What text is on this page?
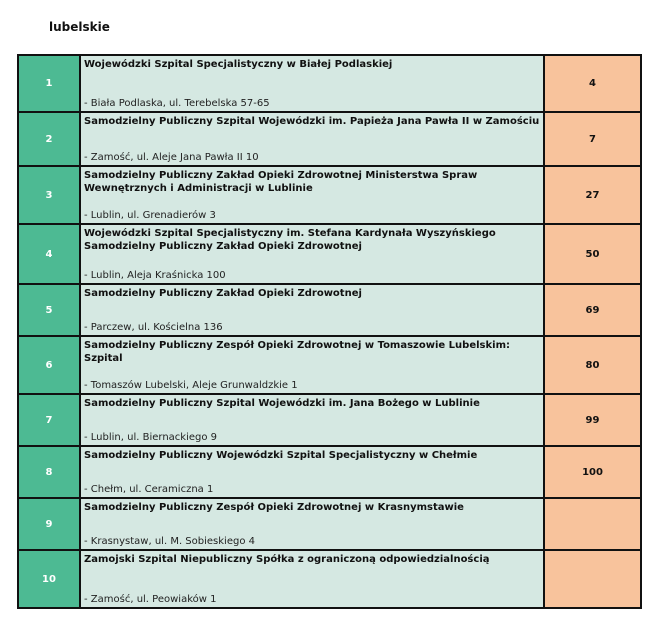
lubelskie
1	Wojewódzki Szpital Specjalistyczny w Białej Podlaskiej
- Biała Podlaska, ul. Terebelska 57-65	4
2	Samodzielny Publiczny Szpital Wojewódzki im. Papieża Jana Pawła II w Zamościu
- Zamość, ul. Aleje Jana Pawła II 10	7
3	Samodzielny Publiczny Zakład Opieki Zdrowotnej Ministerstwa Spraw Wewnętrznych i Administracji w Lublinie
- Lublin, ul. Grenadierów 3	27
4	Wojewódzki Szpital Specjalistyczny im. Stefana Kardynała Wyszyńskiego Samodzielny Publiczny Zakład Opieki Zdrowotnej
- Lublin, Aleja Kraśnicka 100	50
5	Samodzielny Publiczny Zakład Opieki Zdrowotnej
- Parczew, ul. Kościelna 136	69
6	Samodzielny Publiczny Zespół Opieki Zdrowotnej w Tomaszowie Lubelskim: Szpital
- Tomaszów Lubelski, Aleje Grunwaldzkie 1	80
7	Samodzielny Publiczny Szpital Wojewódzki im. Jana Bożego w Lublinie
- Lublin, ul. Biernackiego 9	99
8	Samodzielny Publiczny Wojewódzki Szpital Specjalistyczny w Chełmie
- Chełm, ul. Ceramiczna 1	100
9	Samodzielny Publiczny Zespół Opieki Zdrowotnej w Krasnymstawie
- Krasnystaw, ul. M. Sobieskiego 4	

10	Zamojski Szpital Niepubliczny Spółka z ograniczoną odpowiedzialnością
- Zamość, ul. Peowiaków 1	
